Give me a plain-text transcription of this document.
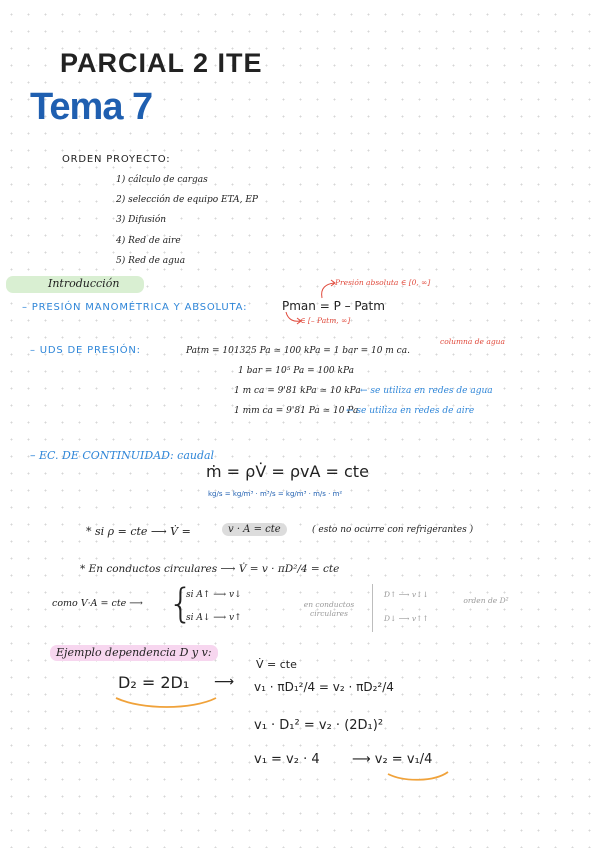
PARCIAL 2 ITE
Tema 7
ORDEN PROYECTO:
1) cálculo de cargas
2) selección de equipo ETA, EP
3) Difusión
4) Red de aire
5) Red de agua
Introducción
– PRESIÓN MANOMÉTRICA Y ABSOLUTA:	Pman = P – Patm
Presión absoluta ∈ [0, ∞]
∈ [– Patm, ∞]
– UDS DE PRESIÓN:	Patm = 101325 Pa ≃ 100 kPa = 1 bar = 10 m ca.
columna de agua
1 bar = 10⁵ Pa = 100 kPa
1 m ca = 9'81 kPa ≃ 10 kPa ← se utiliza en redes de agua
1 mm ca = 9'81 Pa ≃ 10 Pa
← se utiliza en redes de aire
– EC. DE CONTINUIDAD: caudal
ṁ = ρV̇ = ρvA = cte
kg/s = kg/m³ · m³/s = kg/m³ · m/s · m²
* si ρ = cte ⟶ V̇ =	v · A = cte	( esto no ocurre con refrigerantes )
* En conductos circulares ⟶ V̇ = v · πD²/4 = cte
como V·A = cte ⟶ {
si A↑ ⟶ v↓
si A↓ ⟶ v↑
en conductos circulares
D↑ ⟶ v↓↓
D↓ ⟶ v↑↑
orden de D²
Ejemplo dependencia D y v:
D₂ = 2D₁ ⟶
V̇ = cte
v₁ · πD₁²/4 = v₂ · πD₂²/4
v₁ · D₁² = v₂ · (2D₁)²
v₁ = v₂ · 4 ⟶ v₂ = v₁/4
